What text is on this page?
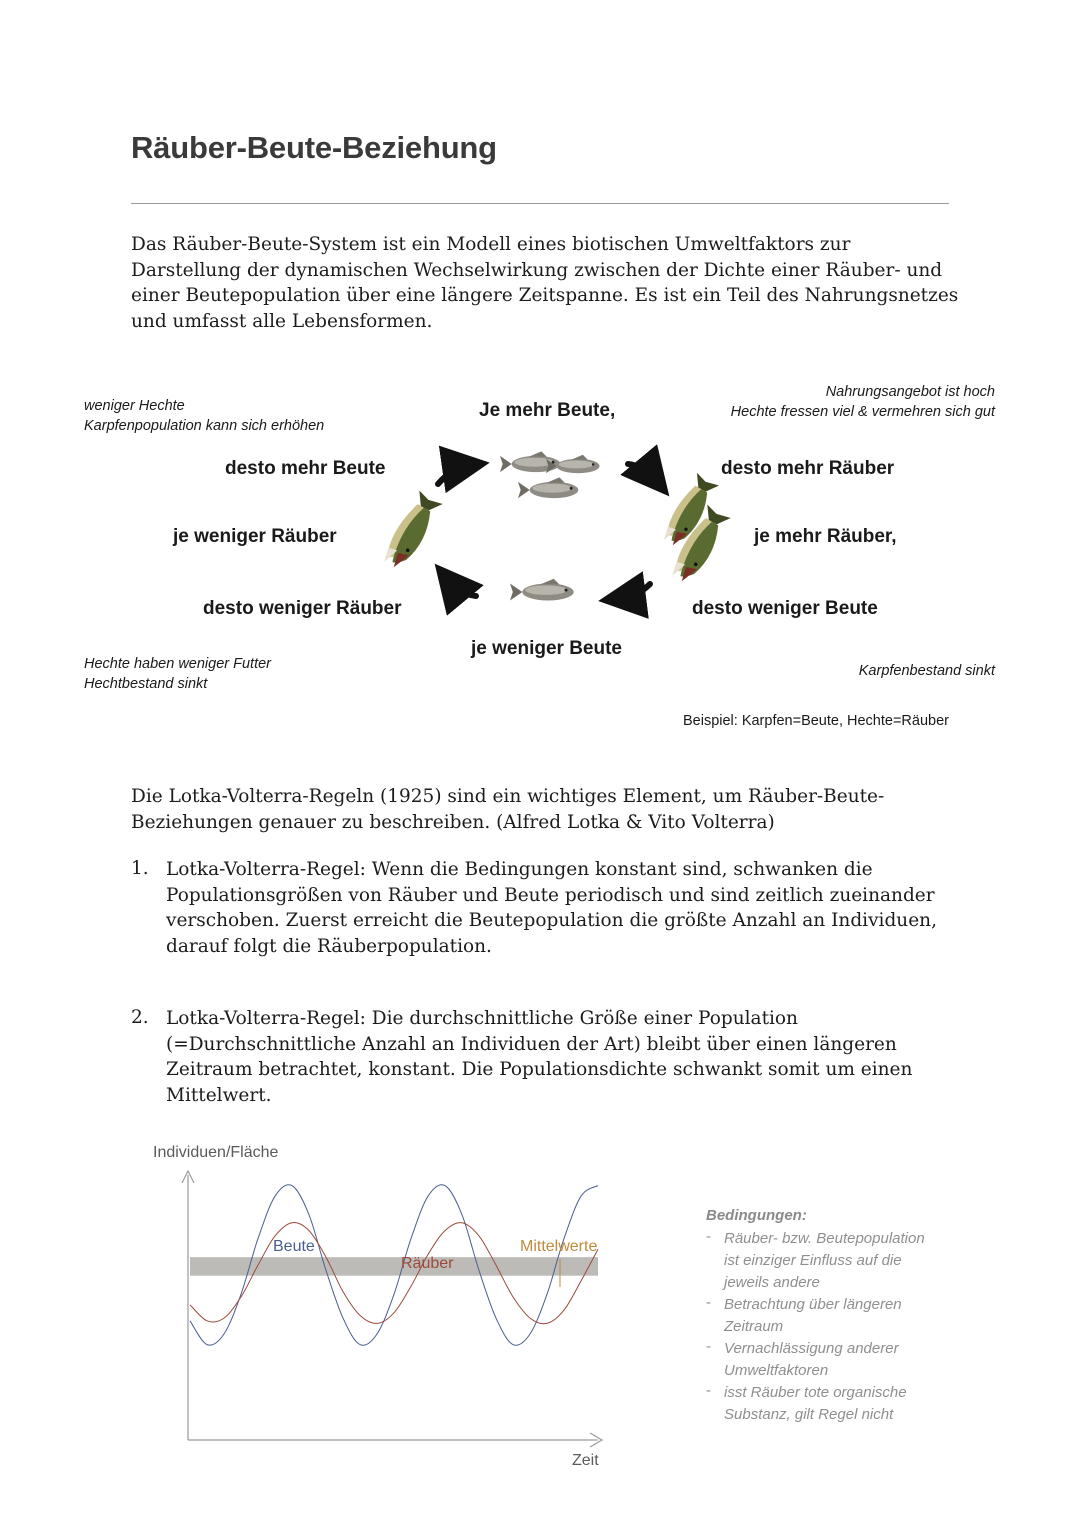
Räuber-Beute-Beziehung

Das Räuber-Beute-System ist ein Modell eines biotischen Umweltfaktors zur Darstellung der dynamischen Wechselwirkung zwischen der Dichte einer Räuber- und einer Beutepopulation über eine längere Zeitspanne. Es ist ein Teil des Nahrungsnetzes und umfasst alle Lebensformen.

weniger Hechte
Karpfenpopulation kann sich erhöhen
Nahrungsangebot ist hoch
Hechte fressen viel & vermehren sich gut
Hechte haben weniger Futter
Hechtbestand sinkt
Karpfenbestand sinkt
Je mehr Beute,
desto mehr Räuber
je mehr Räuber,
desto weniger Beute
je weniger Beute
desto weniger Räuber
je weniger Räuber
desto mehr Beute
Beispiel: Karpfen=Beute, Hechte=Räuber

Die Lotka-Volterra-Regeln (1925) sind ein wichtiges Element, um Räuber-Beute-Beziehungen genauer zu beschreiben. (Alfred Lotka & Vito Volterra)

1. Lotka-Volterra-Regel: Wenn die Bedingungen konstant sind, schwanken die Populationsgrößen von Räuber und Beute periodisch und sind zeitlich zueinander verschoben. Zuerst erreicht die Beutepopulation die größte Anzahl an Individuen, darauf folgt die Räuberpopulation.

2. Lotka-Volterra-Regel: Die durchschnittliche Größe einer Population (=Durchschnittliche Anzahl an Individuen der Art) bleibt über einen längeren Zeitraum betrachtet, konstant. Die Populationsdichte schwankt somit um einen Mittelwert.

Individuen/Fläche
Zeit
Beute
Räuber
Mittelwerte
Bedingungen:
- Räuber- bzw. Beutepopulation ist einziger Einfluss auf die jeweils andere
- Betrachtung über längeren Zeitraum
- Vernachlässigung anderer Umweltfaktoren
- isst Räuber tote organische Substanz, gilt Regel nicht
